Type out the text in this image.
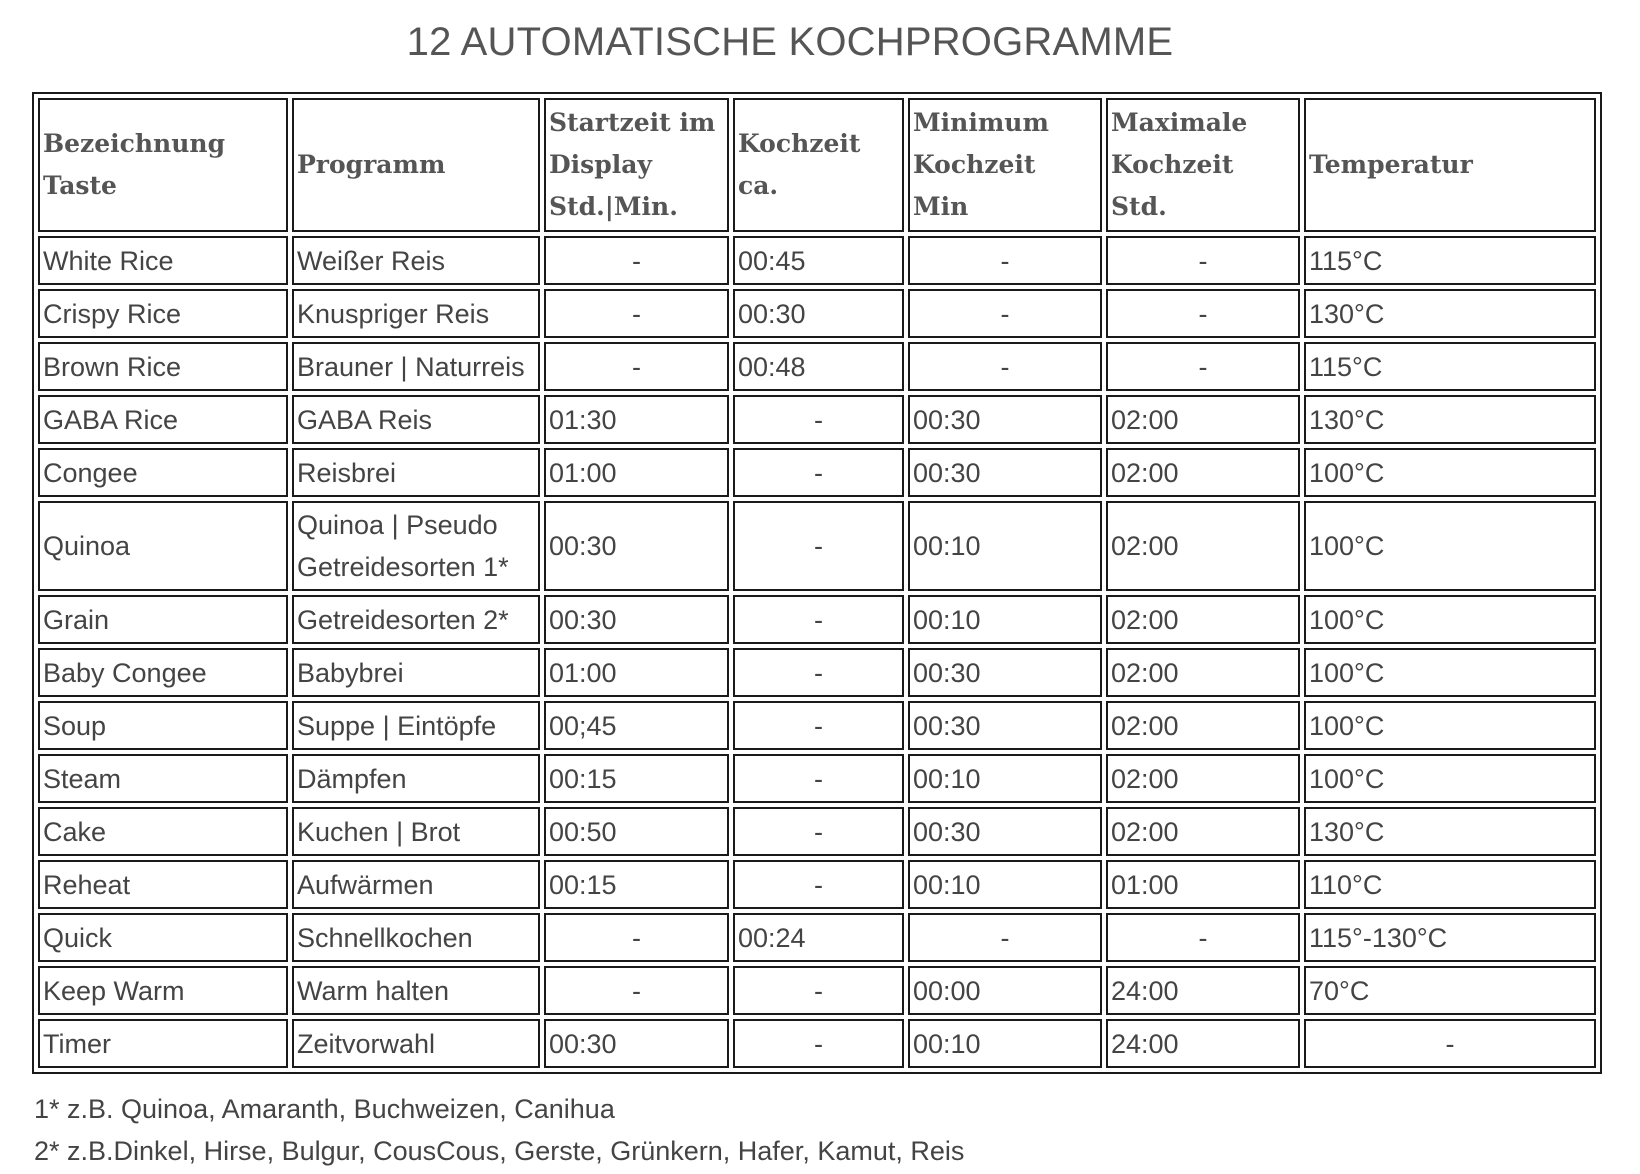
12 AUTOMATISCHE KOCHPROGRAMME
Bezeichnung Taste	Programm	Startzeit im Display Std.|Min.	Kochzeit ca.	Minimum Kochzeit Min	Maximale Kochzeit Std.	Temperatur
White Rice	Weißer Reis	-	00:45	-	-	115°C
Crispy Rice	Knuspriger Reis	-	00:30	-	-	130°C
Brown Rice	Brauner | Naturreis	-	00:48	-	-	115°C
GABA Rice	GABA Reis	01:30	-	00:30	02:00	130°C
Congee	Reisbrei	01:00	-	00:30	02:00	100°C
Quinoa	Quinoa | Pseudo Getreidesorten 1*	00:30	-	00:10	02:00	100°C
Grain	Getreidesorten 2*	00:30	-	00:10	02:00	100°C
Baby Congee	Babybrei	01:00	-	00:30	02:00	100°C
Soup	Suppe | Eintöpfe	00;45	-	00:30	02:00	100°C
Steam	Dämpfen	00:15	-	00:10	02:00	100°C
Cake	Kuchen | Brot	00:50	-	00:30	02:00	130°C
Reheat	Aufwärmen	00:15	-	00:10	01:00	110°C
Quick	Schnellkochen	-	00:24	-	-	115°-130°C
Keep Warm	Warm halten	-	-	00:00	24:00	70°C
Timer	Zeitvorwahl	00:30	-	00:10	24:00	-
1* z.B. Quinoa, Amaranth, Buchweizen, Canihua
2* z.B.Dinkel, Hirse, Bulgur, CousCous, Gerste, Grünkern, Hafer, Kamut, Reis
